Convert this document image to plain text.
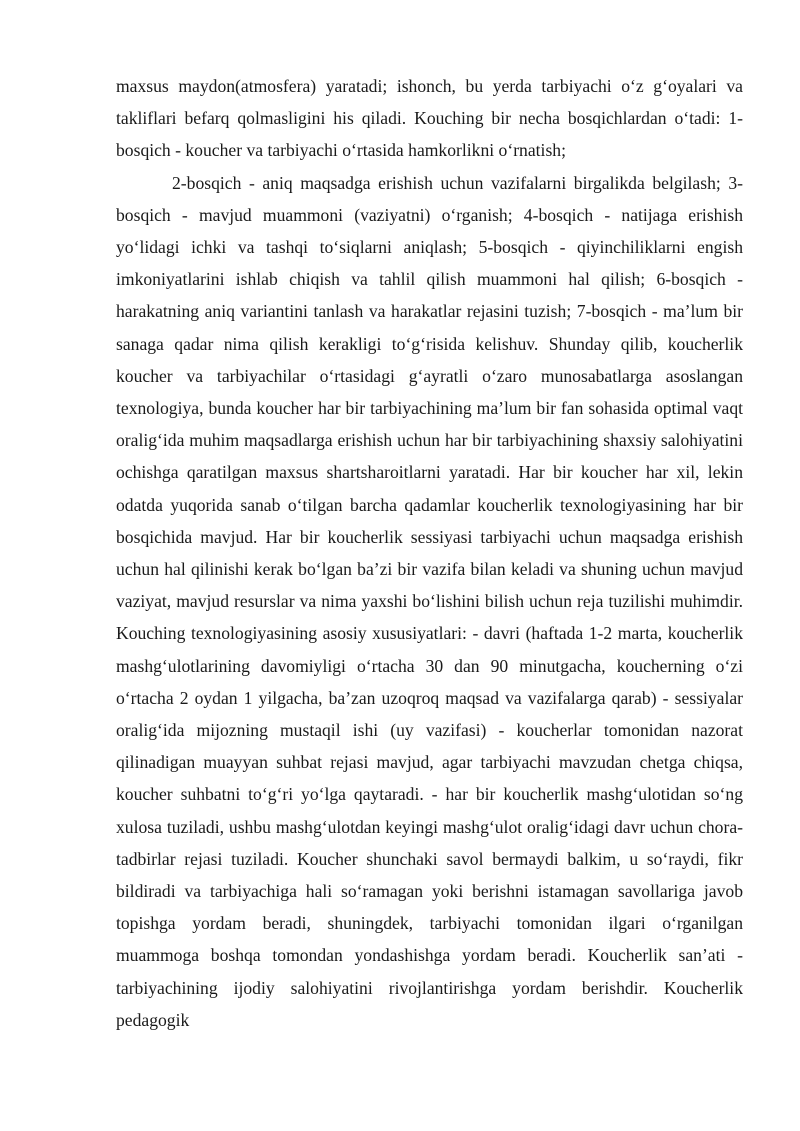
maxsus maydon(atmosfera) yaratadi; ishonch, bu yerda tarbiyachi o‘z g‘oyalari va takliflari befarq qolmasligini his qiladi. Kouching bir necha bosqichlardan o‘tadi: 1-bosqich - koucher va tarbiyachi o‘rtasida hamkorlikni o‘rnatish;

2-bosqich - aniq maqsadga erishish uchun vazifalarni birgalikda belgilash; 3-bosqich - mavjud muammoni (vaziyatni) o‘rganish; 4-bosqich - natijaga erishish yo‘lidagi ichki va tashqi to‘siqlarni aniqlash; 5-bosqich - qiyinchiliklarni engish imkoniyatlarini ishlab chiqish va tahlil qilish muammoni hal qilish; 6-bosqich - harakatning aniq variantini tanlash va harakatlar rejasini tuzish; 7-bosqich - ma’lum bir sanaga qadar nima qilish kerakligi to‘g‘risida kelishuv. Shunday qilib, koucherlik koucher va tarbiyachilar o‘rtasidagi g‘ayratli o‘zaro munosabatlarga asoslangan texnologiya, bunda koucher har bir tarbiyachining ma’lum bir fan sohasida optimal vaqt oralig‘ida muhim maqsadlarga erishish uchun har bir tarbiyachining shaxsiy salohiyatini ochishga qaratilgan maxsus shartsharoitlarni yaratadi. Har bir koucher har xil, lekin odatda yuqorida sanab o‘tilgan barcha qadamlar koucherlik texnologiyasining har bir bosqichida mavjud. Har bir koucherlik sessiyasi tarbiyachi uchun maqsadga erishish uchun hal qilinishi kerak bo‘lgan ba’zi bir vazifa bilan keladi va shuning uchun mavjud vaziyat, mavjud resurslar va nima yaxshi bo‘lishini bilish uchun reja tuzilishi muhimdir. Kouching texnologiyasining asosiy xususiyatlari: - davri (haftada 1-2 marta, koucherlik mashg‘ulotlarining davomiyligi o‘rtacha 30 dan 90 minutgacha, koucherning o‘zi o‘rtacha 2 oydan 1 yilgacha, ba’zan uzoqroq maqsad va vazifalarga qarab) - sessiyalar oralig‘ida mijozning mustaqil ishi (uy vazifasi) - koucherlar tomonidan nazorat qilinadigan muayyan suhbat rejasi mavjud, agar tarbiyachi mavzudan chetga chiqsa, koucher suhbatni to‘g‘ri yo‘lga qaytaradi. - har bir koucherlik mashg‘ulotidan so‘ng xulosa tuziladi, ushbu mashg‘ulotdan keyingi mashg‘ulot oralig‘idagi davr uchun chora-tadbirlar rejasi tuziladi. Koucher shunchaki savol bermaydi balkim, u so‘raydi, fikr bildiradi va tarbiyachiga hali so‘ramagan yoki berishni istamagan savollariga javob topishga yordam beradi, shuningdek, tarbiyachi tomonidan ilgari o‘rganilgan muammoga boshqa tomondan yondashishga yordam beradi. Koucherlik san’ati - tarbiyachining ijodiy salohiyatini rivojlantirishga yordam berishdir. Koucherlik pedagogik
